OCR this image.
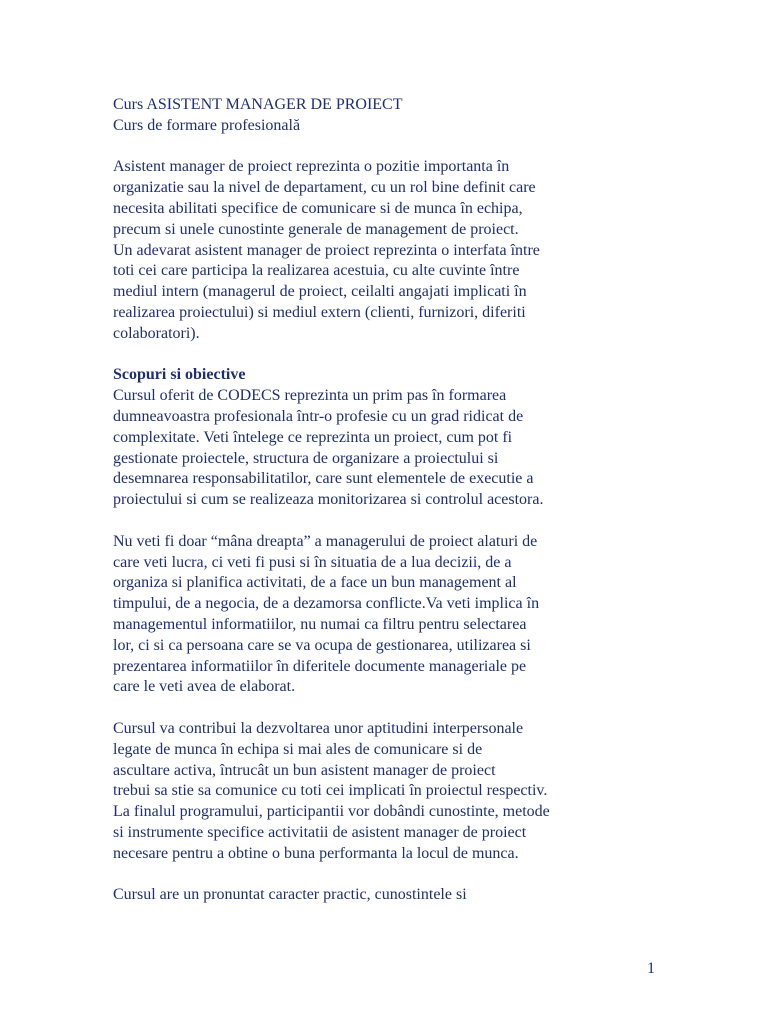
Curs ASISTENT MANAGER DE PROIECT
Curs de formare profesională
Asistent manager de proiect reprezinta o pozitie importanta în
organizatie sau la nivel de departament, cu un rol bine definit care
necesita abilitati specifice de comunicare si de munca în echipa,
precum si unele cunostinte generale de management de proiect.
Un adevarat asistent manager de proiect reprezinta o interfata între
toti cei care participa la realizarea acestuia, cu alte cuvinte între
mediul intern (managerul de proiect, ceilalti angajati implicati în
realizarea proiectului) si mediul extern (clienti, furnizori, diferiti
colaboratori).
Scopuri si obiective
Cursul oferit de CODECS reprezinta un prim pas în formarea
dumneavoastra profesionala într-o profesie cu un grad ridicat de
complexitate. Veti întelege ce reprezinta un proiect, cum pot fi
gestionate proiectele, structura de organizare a proiectului si
desemnarea responsabilitatilor, care sunt elementele de executie a
proiectului si cum se realizeaza monitorizarea si controlul acestora.
Nu veti fi doar “mâna dreapta” a managerului de proiect alaturi de
care veti lucra, ci veti fi pusi si în situatia de a lua decizii, de a
organiza si planifica activitati, de a face un bun management al
timpului, de a negocia, de a dezamorsa conflicte.Va veti implica în
managementul informatiilor, nu numai ca filtru pentru selectarea
lor, ci si ca persoana care se va ocupa de gestionarea, utilizarea si
prezentarea informatiilor în diferitele documente manageriale pe
care le veti avea de elaborat.
Cursul va contribui la dezvoltarea unor aptitudini interpersonale
legate de munca în echipa si mai ales de comunicare si de
ascultare activa, întrucât un bun asistent manager de proiect
trebui sa stie sa comunice cu toti cei implicati în proiectul respectiv.
La finalul programului, participantii vor dobândi cunostinte, metode
si instrumente specifice activitatii de asistent manager de proiect
necesare pentru a obtine o buna performanta la locul de munca.
Cursul are un pronuntat caracter practic, cunostintele si
1
